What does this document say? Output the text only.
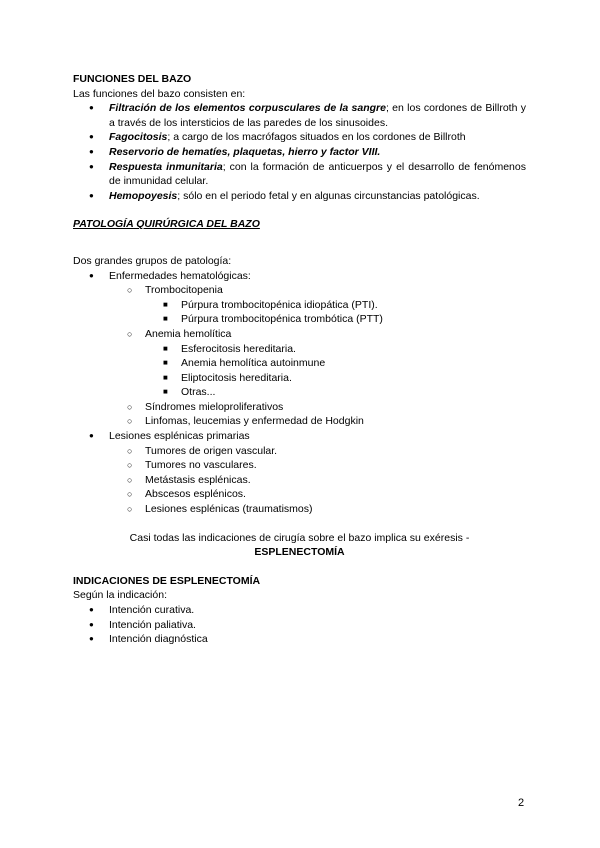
FUNCIONES DEL BAZO

Las funciones del bazo consisten en:

● Filtración de los elementos corpusculares de la sangre; en los cordones de Billroth y a través de los intersticios de las paredes de los sinusoides.
● Fagocitosis; a cargo de los macrófagos situados en los cordones de Billroth
● Reservorio de hematíes, plaquetas, hierro y factor VIII.
● Respuesta inmunitaria; con la formación de anticuerpos y el desarrollo de fenómenos de inmunidad celular.
● Hemopoyesis; sólo en el periodo fetal y en algunas circunstancias patológicas.

PATOLOGÍA QUIRÚRGICA DEL BAZO

Dos grandes grupos de patología:

● Enfermedades hematológicas:
○ Trombocitopenia
■ Púrpura trombocitopénica idiopática (PTI).
■ Púrpura trombocitopénica trombótica (PTT)
○ Anemia hemolítica
■ Esferocitosis hereditaria.
■ Anemia hemolítica autoinmune
■ Eliptocitosis hereditaria.
■ Otras...
○ Síndromes mieloproliferativos
○ Linfomas, leucemias y enfermedad de Hodgkin
● Lesiones esplénicas primarias
○ Tumores de origen vascular.
○ Tumores no vasculares.
○ Metástasis esplénicas.
○ Abscesos esplénicos.
○ Lesiones esplénicas (traumatismos)

Casi todas las indicaciones de cirugía sobre el bazo implica su exéresis -

ESPLENECTOMÍA

INDICACIONES DE ESPLENECTOMÍA

Según la indicación:

● Intención curativa.
● Intención paliativa.
● Intención diagnóstica
2
